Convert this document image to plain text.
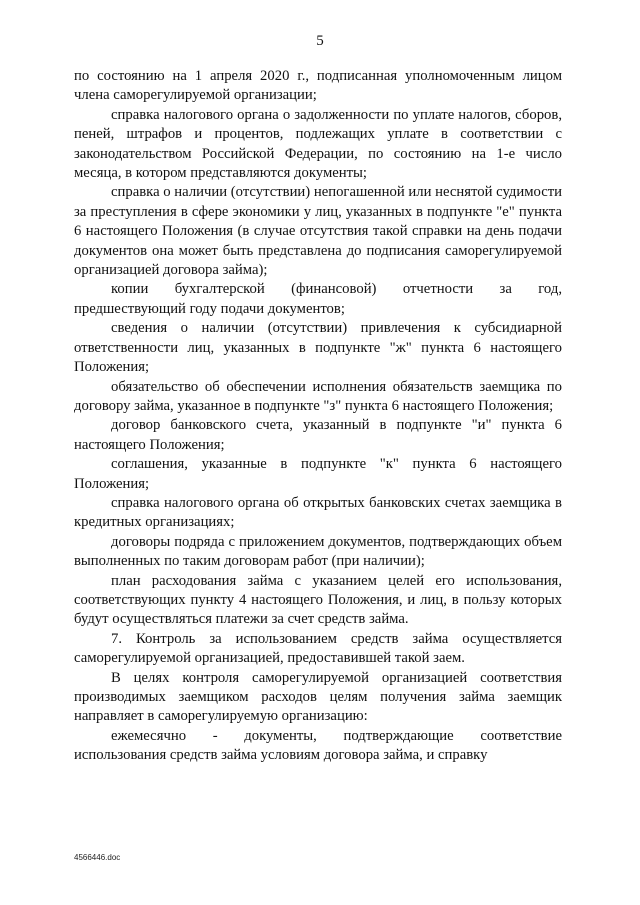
5

по состоянию на 1 апреля 2020 г., подписанная уполномоченным лицом члена саморегулируемой организации;

справка налогового органа о задолженности по уплате налогов, сборов, пеней, штрафов и процентов, подлежащих уплате в соответствии с законодательством Российской Федерации, по состоянию на 1-е число месяца, в котором представляются документы;

справка о наличии (отсутствии) непогашенной или неснятой судимости за преступления в сфере экономики у лиц, указанных в подпункте "е" пункта 6 настоящего Положения (в случае отсутствия такой справки на день подачи документов она может быть представлена до подписания саморегулируемой организацией договора займа);

копии бухгалтерской (финансовой) отчетности за год, предшествующий году подачи документов;

сведения о наличии (отсутствии) привлечения к субсидиарной ответственности лиц, указанных в подпункте "ж" пункта 6 настоящего Положения;

обязательство об обеспечении исполнения обязательств заемщика по договору займа, указанное в подпункте "з" пункта 6 настоящего Положения;

договор банковского счета, указанный в подпункте "и" пункта 6 настоящего Положения;

соглашения, указанные в подпункте "к" пункта 6 настоящего Положения;

справка налогового органа об открытых банковских счетах заемщика в кредитных организациях;

договоры подряда с приложением документов, подтверждающих объем выполненных по таким договорам работ (при наличии);

план расходования займа с указанием целей его использования, соответствующих пункту 4 настоящего Положения, и лиц, в пользу которых будут осуществляться платежи за счет средств займа.

7. Контроль за использованием средств займа осуществляется саморегулируемой организацией, предоставившей такой заем.

В целях контроля саморегулируемой организацией соответствия производимых заемщиком расходов целям получения займа заемщик направляет в саморегулируемую организацию:

ежемесячно - документы, подтверждающие соответствие использования средств займа условиям договора займа, и справку

4566446.doc
